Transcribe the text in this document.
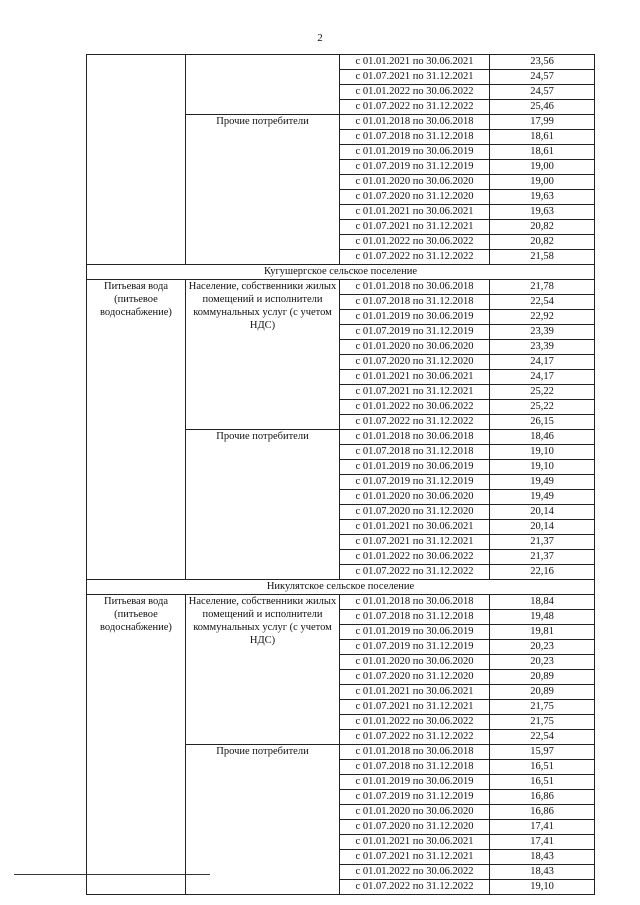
2
		с 01.01.2021 по 30.06.2021	23,56
		с 01.07.2021 по 31.12.2021	24,57
		с 01.01.2022 по 30.06.2022	24,57
		с 01.07.2022 по 31.12.2022	25,46
	Прочие потребители	с 01.01.2018 по 30.06.2018	17,99
		с 01.07.2018 по 31.12.2018	18,61
		с 01.01.2019 по 30.06.2019	18,61
		с 01.07.2019 по 31.12.2019	19,00
		с 01.01.2020 по 30.06.2020	19,00
		с 01.07.2020 по 31.12.2020	19,63
		с 01.01.2021 по 30.06.2021	19,63
		с 01.07.2021 по 31.12.2021	20,82
		с 01.01.2022 по 30.06.2022	20,82
		с 01.07.2022 по 31.12.2022	21,58
Кугушергское сельское поселение			
Питьевая вода (питьевое водоснабжение)	Население, собственники жилых помещений и исполнители коммунальных услуг (с учетом НДС)	с 01.01.2018 по 30.06.2018	21,78
		с 01.07.2018 по 31.12.2018	22,54
		с 01.01.2019 по 30.06.2019	22,92
		с 01.07.2019 по 31.12.2019	23,39
		с 01.01.2020 по 30.06.2020	23,39
		с 01.07.2020 по 31.12.2020	24,17
		с 01.01.2021 по 30.06.2021	24,17
		с 01.07.2021 по 31.12.2021	25,22
		с 01.01.2022 по 30.06.2022	25,22
		с 01.07.2022 по 31.12.2022	26,15
	Прочие потребители	с 01.01.2018 по 30.06.2018	18,46
		с 01.07.2018 по 31.12.2018	19,10
		с 01.01.2019 по 30.06.2019	19,10
		с 01.07.2019 по 31.12.2019	19,49
		с 01.01.2020 по 30.06.2020	19,49
		с 01.07.2020 по 31.12.2020	20,14
		с 01.01.2021 по 30.06.2021	20,14
		с 01.07.2021 по 31.12.2021	21,37
		с 01.01.2022 по 30.06.2022	21,37
		с 01.07.2022 по 31.12.2022	22,16
Никулятское сельское поселение			
Питьевая вода (питьевое водоснабжение)	Население, собственники жилых помещений и исполнители коммунальных услуг (с учетом НДС)	с 01.01.2018 по 30.06.2018	18,84
		с 01.07.2018 по 31.12.2018	19,48
		с 01.01.2019 по 30.06.2019	19,81
		с 01.07.2019 по 31.12.2019	20,23
		с 01.01.2020 по 30.06.2020	20,23
		с 01.07.2020 по 31.12.2020	20,89
		с 01.01.2021 по 30.06.2021	20,89
		с 01.07.2021 по 31.12.2021	21,75
		с 01.01.2022 по 30.06.2022	21,75
		с 01.07.2022 по 31.12.2022	22,54
	Прочие потребители	с 01.01.2018 по 30.06.2018	15,97
		с 01.07.2018 по 31.12.2018	16,51
		с 01.01.2019 по 30.06.2019	16,51
		с 01.07.2019 по 31.12.2019	16,86
		с 01.01.2020 по 30.06.2020	16,86
		с 01.07.2020 по 31.12.2020	17,41
		с 01.01.2021 по 30.06.2021	17,41
		с 01.07.2021 по 31.12.2021	18,43
		с 01.01.2022 по 30.06.2022	18,43
		с 01.07.2022 по 31.12.2022	19,10
